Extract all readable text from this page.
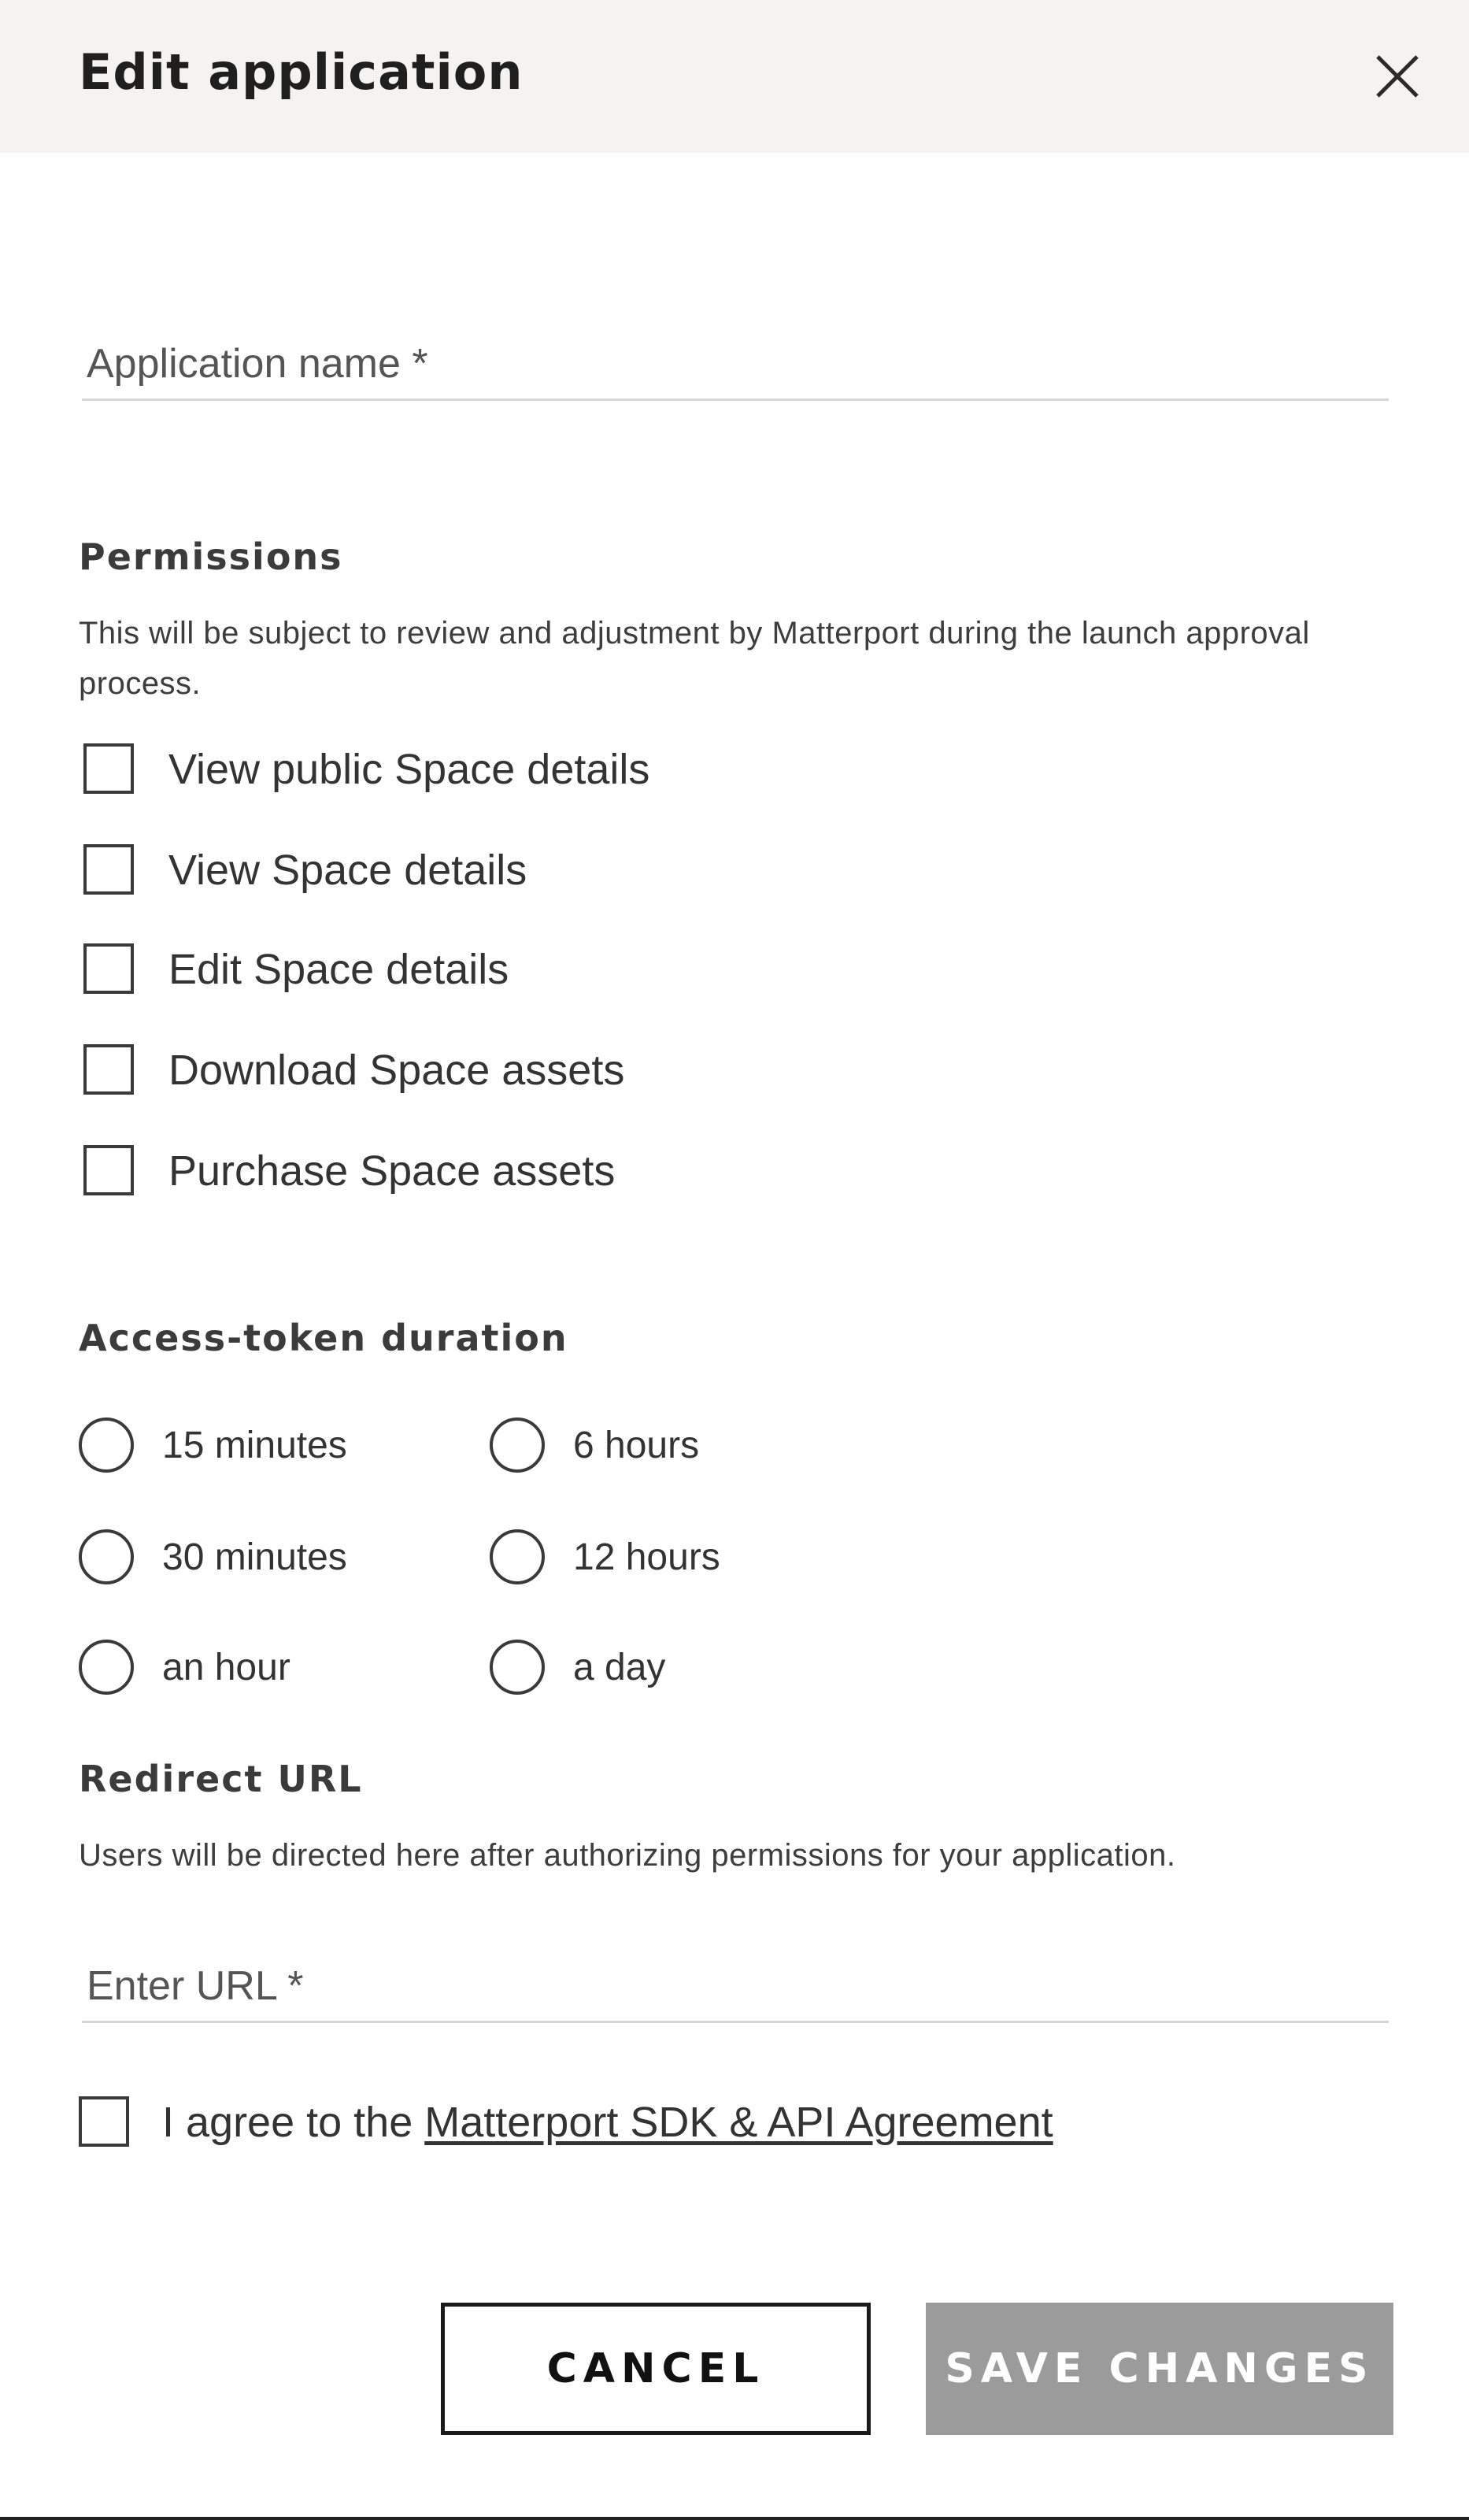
Edit application
Application name *
Permissions
This will be subject to review and adjustment by Matterport during the launch approval process.
View public Space details
View Space details
Edit Space details
Download Space assets
Purchase Space assets
Access-token duration
15 minutes
30 minutes
an hour
6 hours
12 hours
a day
Redirect URL
Users will be directed here after authorizing permissions for your application.
Enter URL *
I agree to the Matterport SDK & API Agreement
CANCEL	SAVE CHANGES
